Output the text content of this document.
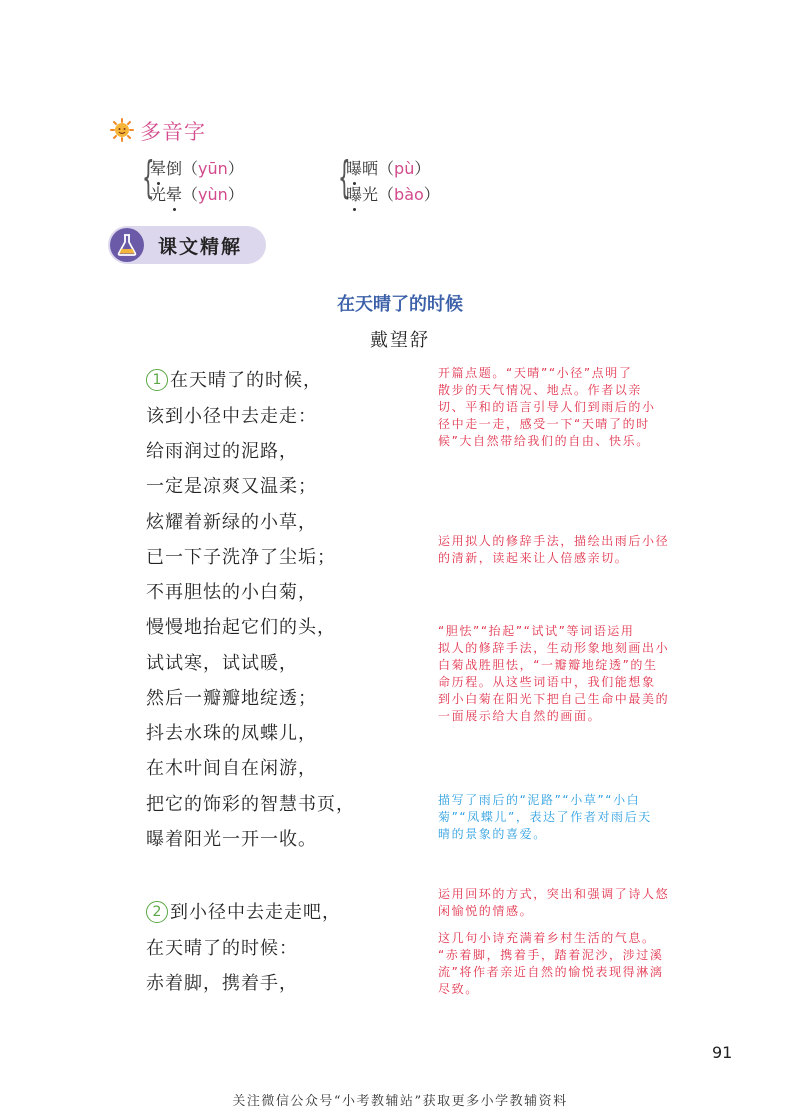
多音字
{
晕倒（yūn）
光晕（yùn） {
曝晒（pù）
曝光（bào）
课文精解
在天晴了的时候
戴望舒
1 在天晴了的时候，
该到小径中去走走：
给雨润过的泥路，
一定是凉爽又温柔；
炫耀着新绿的小草，
已一下子洗净了尘垢；
不再胆怯的小白菊，
慢慢地抬起它们的头，
试试寒，试试暖，
然后一瓣瓣地绽透；
抖去水珠的凤蝶儿，
在木叶间自在闲游，
把它的饰彩的智慧书页，
曝着阳光一开一收。
2 到小径中去走走吧，
在天晴了的时候：
赤着脚，携着手，
开篇点题。“天晴”“小径”点明了
散步的天气情况、地点。作者以亲
切、平和的语言引导人们到雨后的小
径中走一走，感受一下“天晴了的时
候”大自然带给我们的自由、快乐。
运用拟人的修辞手法，描绘出雨后小径
的清新，读起来让人倍感亲切。
“胆怯”“抬起”“试试”等词语运用
拟人的修辞手法，生动形象地刻画出小
白菊战胜胆怯，“一瓣瓣地绽透”的生
命历程。从这些词语中，我们能想象
到小白菊在阳光下把自己生命中最美的
一面展示给大自然的画面。
描写了雨后的“泥路”“小草”“小白
菊”“凤蝶儿”，表达了作者对雨后天
晴的景象的喜爱。
运用回环的方式，突出和强调了诗人悠
闲愉悦的情感。
这几句小诗充满着乡村生活的气息。
“赤着脚，携着手，踏着泥沙，涉过溪
流”将作者亲近自然的愉悦表现得淋漓
尽致。
91
关注微信公众号“小考教辅站”获取更多小学教辅资料
